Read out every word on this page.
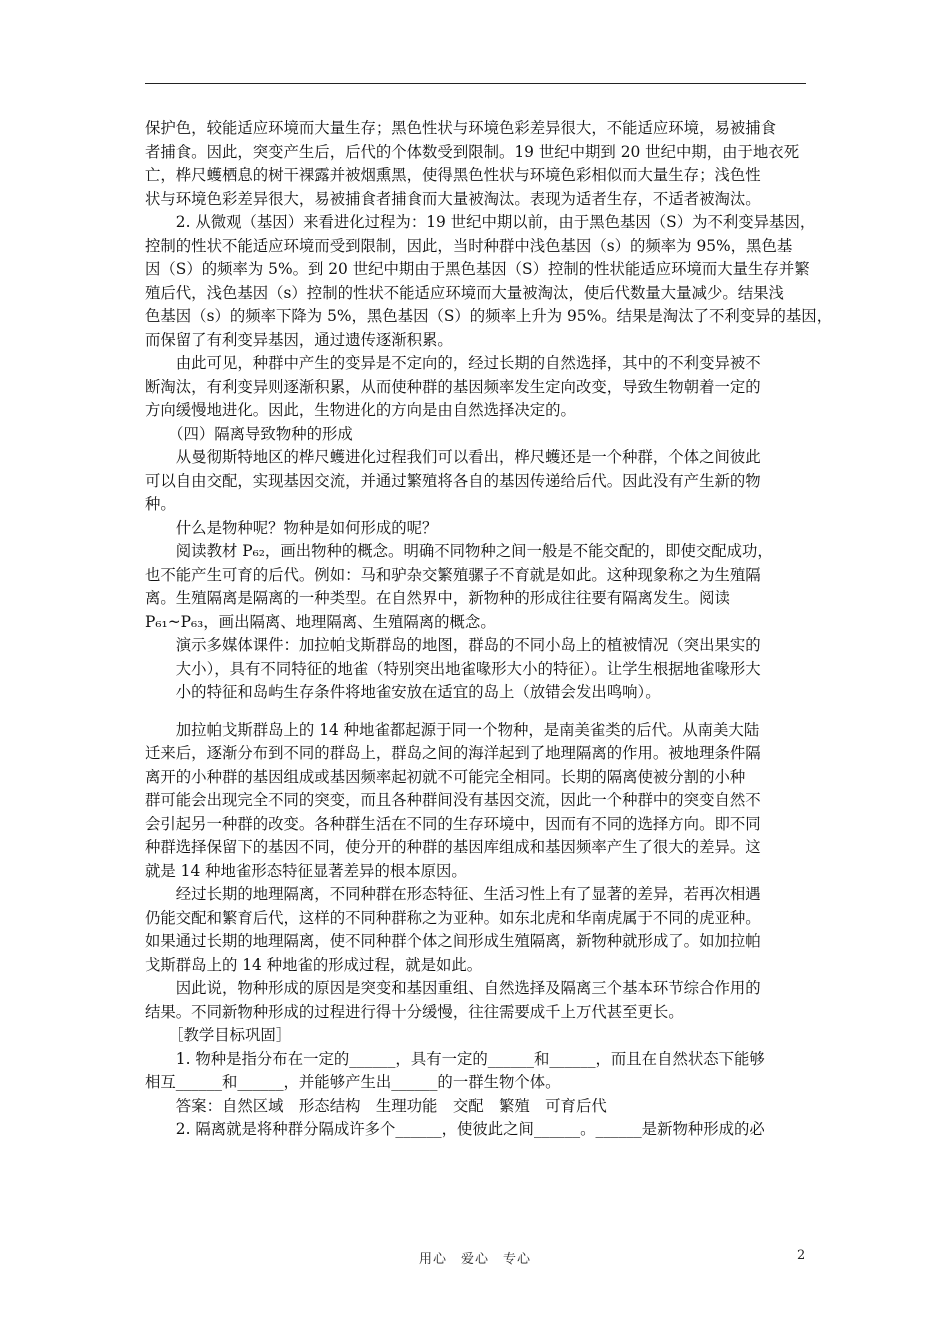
保护色，较能适应环境而大量生存；黑色性状与环境色彩差异很大，不能适应环境，易被捕食
者捕食。因此，突变产生后，后代的个体数受到限制。19 世纪中期到 20 世纪中期，由于地衣死
亡，桦尺蠖栖息的树干裸露并被烟熏黑，使得黑色性状与环境色彩相似而大量生存；浅色性
状与环境色彩差异很大，易被捕食者捕食而大量被淘汰。表现为适者生存，不适者被淘汰。
　　2. 从微观（基因）来看进化过程为：19 世纪中期以前，由于黑色基因（S）为不利变异基因，
控制的性状不能适应环境而受到限制，因此，当时种群中浅色基因（s）的频率为 95%，黑色基
因（S）的频率为 5%。到 20 世纪中期由于黑色基因（S）控制的性状能适应环境而大量生存并繁
殖后代，浅色基因（s）控制的性状不能适应环境而大量被淘汰，使后代数量大量减少。结果浅
色基因（s）的频率下降为 5%，黑色基因（S）的频率上升为 95%。结果是淘汰了不利变异的基因，
而保留了有利变异基因，通过遗传逐渐积累。
　　由此可见，种群中产生的变异是不定向的，经过长期的自然选择，其中的不利变异被不
断淘汰，有利变异则逐渐积累，从而使种群的基因频率发生定向改变，导致生物朝着一定的
方向缓慢地进化。因此，生物进化的方向是由自然选择决定的。
　　（四）隔离导致物种的形成
　　从曼彻斯特地区的桦尺蠖进化过程我们可以看出，桦尺蠖还是一个种群，个体之间彼此
可以自由交配，实现基因交流，并通过繁殖将各自的基因传递给后代。因此没有产生新的物
种。
　　什么是物种呢？物种是如何形成的呢？
　　阅读教材 P₆₂，画出物种的概念。明确不同物种之间一般是不能交配的，即使交配成功，
也不能产生可育的后代。例如：马和驴杂交繁殖骡子不育就是如此。这种现象称之为生殖隔
离。生殖隔离是隔离的一种类型。在自然界中，新物种的形成往往要有隔离发生。阅读
P₆₁~P₆₃，画出隔离、地理隔离、生殖隔离的概念。
　　演示多媒体课件：加拉帕戈斯群岛的地图，群岛的不同小岛上的植被情况（突出果实的
　　大小），具有不同特征的地雀（特别突出地雀喙形大小的特征）。让学生根据地雀喙形大
　　小的特征和岛屿生存条件将地雀安放在适宜的岛上（放错会发出鸣响）。
　　加拉帕戈斯群岛上的 14 种地雀都起源于同一个物种，是南美雀类的后代。从南美大陆
迁来后，逐渐分布到不同的群岛上，群岛之间的海洋起到了地理隔离的作用。被地理条件隔
离开的小种群的基因组成或基因频率起初就不可能完全相同。长期的隔离使被分割的小种
群可能会出现完全不同的突变，而且各种群间没有基因交流，因此一个种群中的突变自然不
会引起另一种群的改变。各种群生活在不同的生存环境中，因而有不同的选择方向。即不同
种群选择保留下的基因不同，使分开的种群的基因库组成和基因频率产生了很大的差异。这
就是 14 种地雀形态特征显著差异的根本原因。
　　经过长期的地理隔离，不同种群在形态特征、生活习性上有了显著的差异，若再次相遇
仍能交配和繁育后代，这样的不同种群称之为亚种。如东北虎和华南虎属于不同的虎亚种。
如果通过长期的地理隔离，使不同种群个体之间形成生殖隔离，新物种就形成了。如加拉帕
戈斯群岛上的 14 种地雀的形成过程，就是如此。
　　因此说，物种形成的原因是突变和基因重组、自然选择及隔离三个基本环节综合作用的
结果。不同新物种形成的过程进行得十分缓慢，往往需要成千上万代甚至更长。
　　［教学目标巩固］
　　1. 物种是指分布在一定的______，具有一定的______和______，而且在自然状态下能够
相互______和______，并能够产生出______的一群生物个体。
　　答案：自然区域　形态结构　生理功能　交配　繁殖　可育后代
　　2. 隔离就是将种群分隔成许多个______，使彼此之间______。______是新物种形成的必
用心　爱心　专心	2
